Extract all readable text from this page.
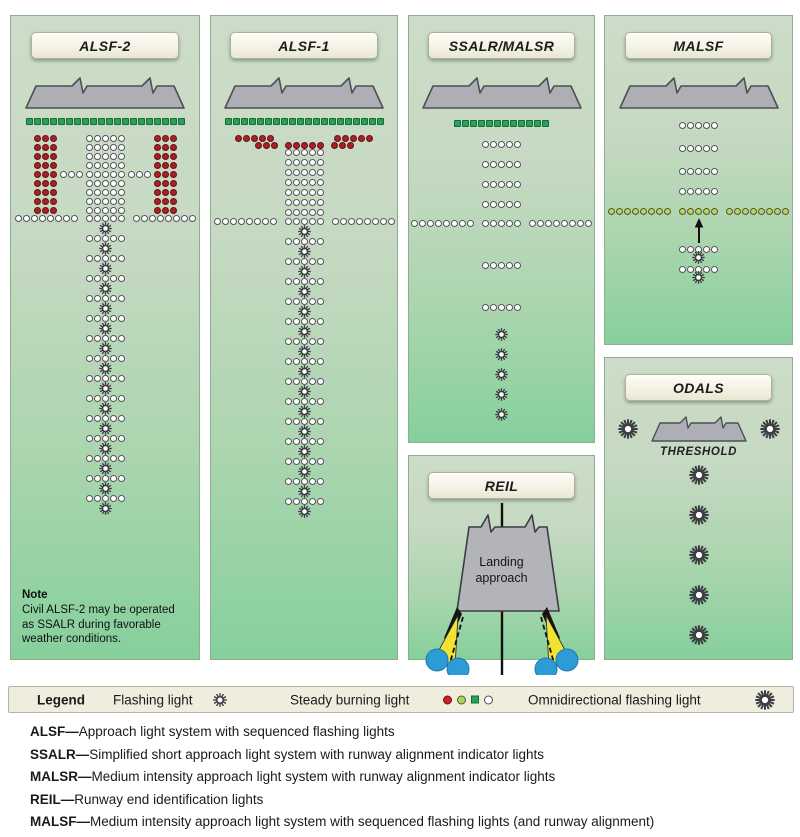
ALSF-2
Note
Civil ALSF-2 may be operated
as SSALR during favorable
weather conditions.
ALSF-1	SSALR/MALSR
REIL
Landing
approach
MALSF
ODALS
THRESHOLD
Legend Flashing light	Steady burning light	Omnidirectional flashing light
ALSF—Approach light system with sequenced flashing lights
SSALR—Simplified short approach light system with runway alignment indicator lights
MALSR—Medium intensity approach light system with runway alignment indicator lights
REIL—Runway end identification lights
MALSF—Medium intensity approach light system with sequenced flashing lights (and runway alignment)
